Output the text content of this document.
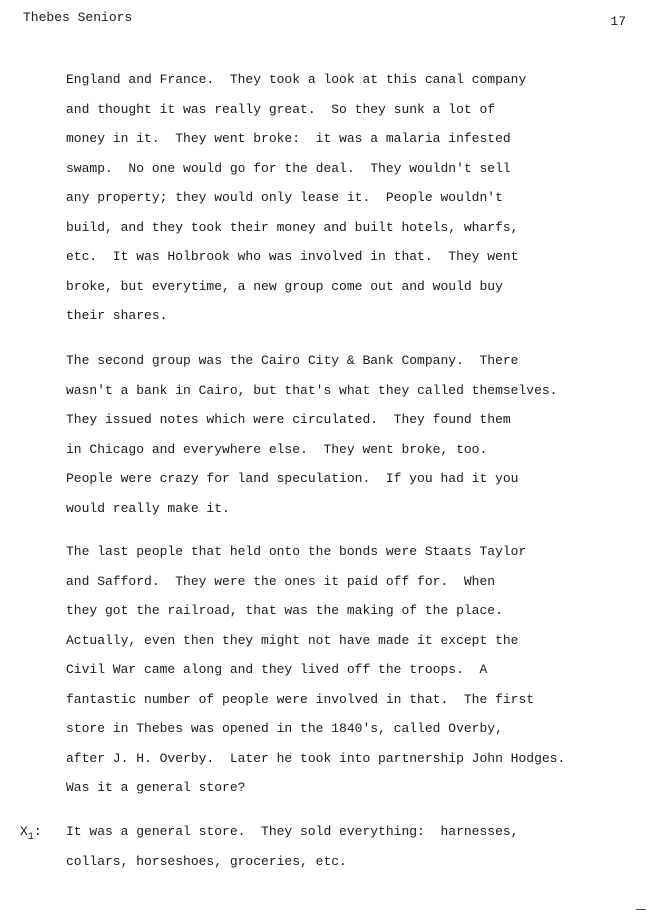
Thebes Seniors	17
England and France.  They took a look at this canal company
and thought it was really great.  So they sunk a lot of
money in it.  They went broke:  it was a malaria infested
swamp.  No one would go for the deal.  They wouldn't sell
any property; they would only lease it.  People wouldn't
build, and they took their money and built hotels, wharfs,
etc.  It was Holbrook who was involved in that.  They went
broke, but everytime, a new group come out and would buy
their shares.
The second group was the Cairo City & Bank Company.  There
wasn't a bank in Cairo, but that's what they called themselves.
They issued notes which were circulated.  They found them
in Chicago and everywhere else.  They went broke, too.
People were crazy for land speculation.  If you had it you
would really make it.
The last people that held onto the bonds were Staats Taylor
and Safford.  They were the ones it paid off for.  When
they got the railroad, that was the making of the place.
Actually, even then they might not have made it except the
Civil War came along and they lived off the troops.  A
fantastic number of people were involved in that.  The first
store in Thebes was opened in the 1840's, called Overby,
after J. H. Overby.  Later he took into partnership John Hodges.
Was it a general store?
$X_1$: It was a general store.  They sold everything:  harnesses,
collars, horseshoes, groceries, etc.
